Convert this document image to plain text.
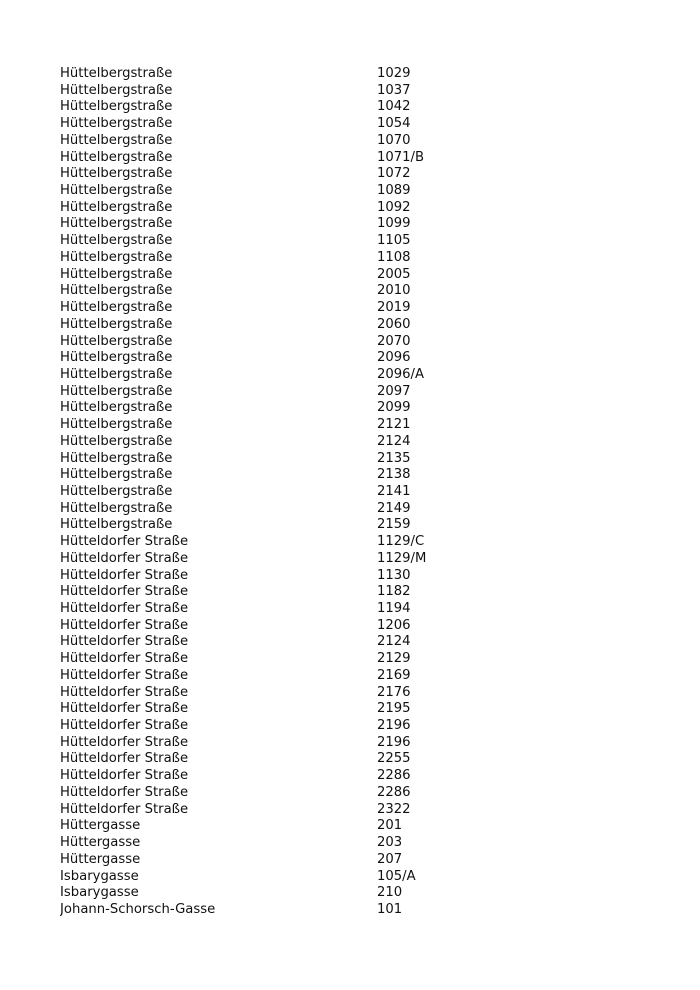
Hüttelbergstraße	1029
Hüttelbergstraße	1037
Hüttelbergstraße	1042
Hüttelbergstraße	1054
Hüttelbergstraße	1070
Hüttelbergstraße	1071/B
Hüttelbergstraße	1072
Hüttelbergstraße	1089
Hüttelbergstraße	1092
Hüttelbergstraße	1099
Hüttelbergstraße	1105
Hüttelbergstraße	1108
Hüttelbergstraße	2005
Hüttelbergstraße	2010
Hüttelbergstraße	2019
Hüttelbergstraße	2060
Hüttelbergstraße	2070
Hüttelbergstraße	2096
Hüttelbergstraße	2096/A
Hüttelbergstraße	2097
Hüttelbergstraße	2099
Hüttelbergstraße	2121
Hüttelbergstraße	2124
Hüttelbergstraße	2135
Hüttelbergstraße	2138
Hüttelbergstraße	2141
Hüttelbergstraße	2149
Hüttelbergstraße	2159
Hütteldorfer Straße	1129/C
Hütteldorfer Straße	1129/M
Hütteldorfer Straße	1130
Hütteldorfer Straße	1182
Hütteldorfer Straße	1194
Hütteldorfer Straße	1206
Hütteldorfer Straße	2124
Hütteldorfer Straße	2129
Hütteldorfer Straße	2169
Hütteldorfer Straße	2176
Hütteldorfer Straße	2195
Hütteldorfer Straße	2196
Hütteldorfer Straße	2196
Hütteldorfer Straße	2255
Hütteldorfer Straße	2286
Hütteldorfer Straße	2286
Hütteldorfer Straße	2322
Hüttergasse	201
Hüttergasse	203
Hüttergasse	207
Isbarygasse	105/A
Isbarygasse	210
Johann-Schorsch-Gasse	101
